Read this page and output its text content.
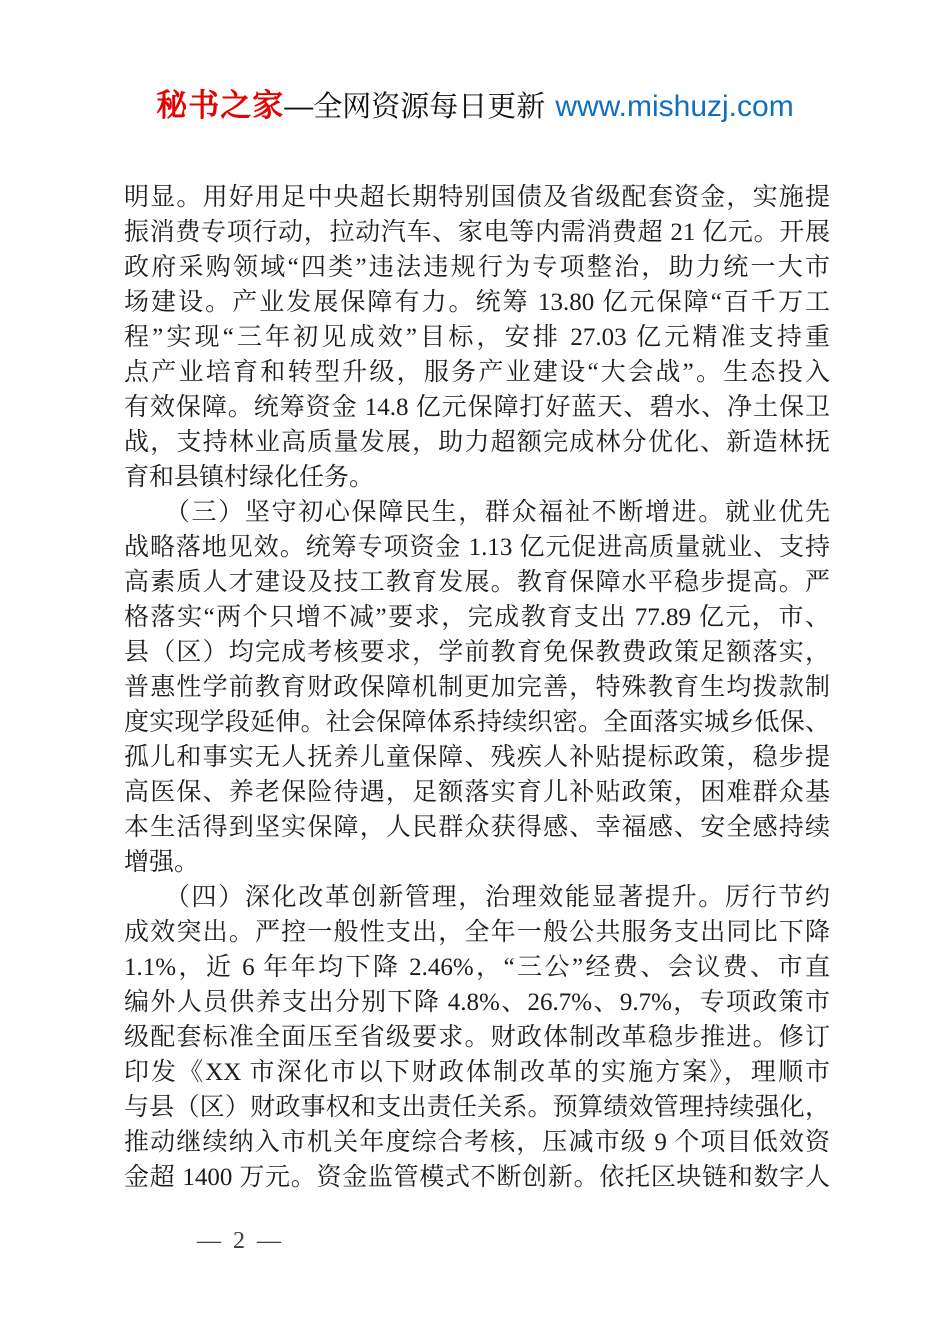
秘书之家—全网资源每日更新 www.mishuzj.com
明显。用好用足中央超长期特别国债及省级配套资金，实施提
振消费专项行动，拉动汽车、家电等内需消费超 21 亿元。开展
政府采购领域“四类”违法违规行为专项整治，助力统一大市
场建设。产业发展保障有力。统筹 13.80 亿元保障“百千万工
程”实现“三年初见成效”目标，安排 27.03 亿元精准支持重
点产业培育和转型升级，服务产业建设“大会战”。生态投入
有效保障。统筹资金 14.8 亿元保障打好蓝天、碧水、净土保卫
战，支持林业高质量发展，助力超额完成林分优化、新造林抚
育和县镇村绿化任务。
　　（三）坚守初心保障民生，群众福祉不断增进。就业优先
战略落地见效。统筹专项资金 1.13 亿元促进高质量就业、支持
高素质人才建设及技工教育发展。教育保障水平稳步提高。严
格落实“两个只增不减”要求，完成教育支出 77.89 亿元，市、
县（区）均完成考核要求，学前教育免保教费政策足额落实，
普惠性学前教育财政保障机制更加完善，特殊教育生均拨款制
度实现学段延伸。社会保障体系持续织密。全面落实城乡低保、
孤儿和事实无人抚养儿童保障、残疾人补贴提标政策，稳步提
高医保、养老保险待遇，足额落实育儿补贴政策，困难群众基
本生活得到坚实保障，人民群众获得感、幸福感、安全感持续
增强。
　　（四）深化改革创新管理，治理效能显著提升。厉行节约
成效突出。严控一般性支出，全年一般公共服务支出同比下降
1.1%，近 6 年年均下降 2.46%，“三公”经费、会议费、市直
编外人员供养支出分别下降 4.8%、26.7%、9.7%，专项政策市
级配套标准全面压至省级要求。财政体制改革稳步推进。修订
印发《XX 市深化市以下财政体制改革的实施方案》，理顺市
与县（区）财政事权和支出责任关系。预算绩效管理持续强化，
推动继续纳入市机关年度综合考核，压减市级 9 个项目低效资
金超 1400 万元。资金监管模式不断创新。依托区块链和数字人
— 2 —
